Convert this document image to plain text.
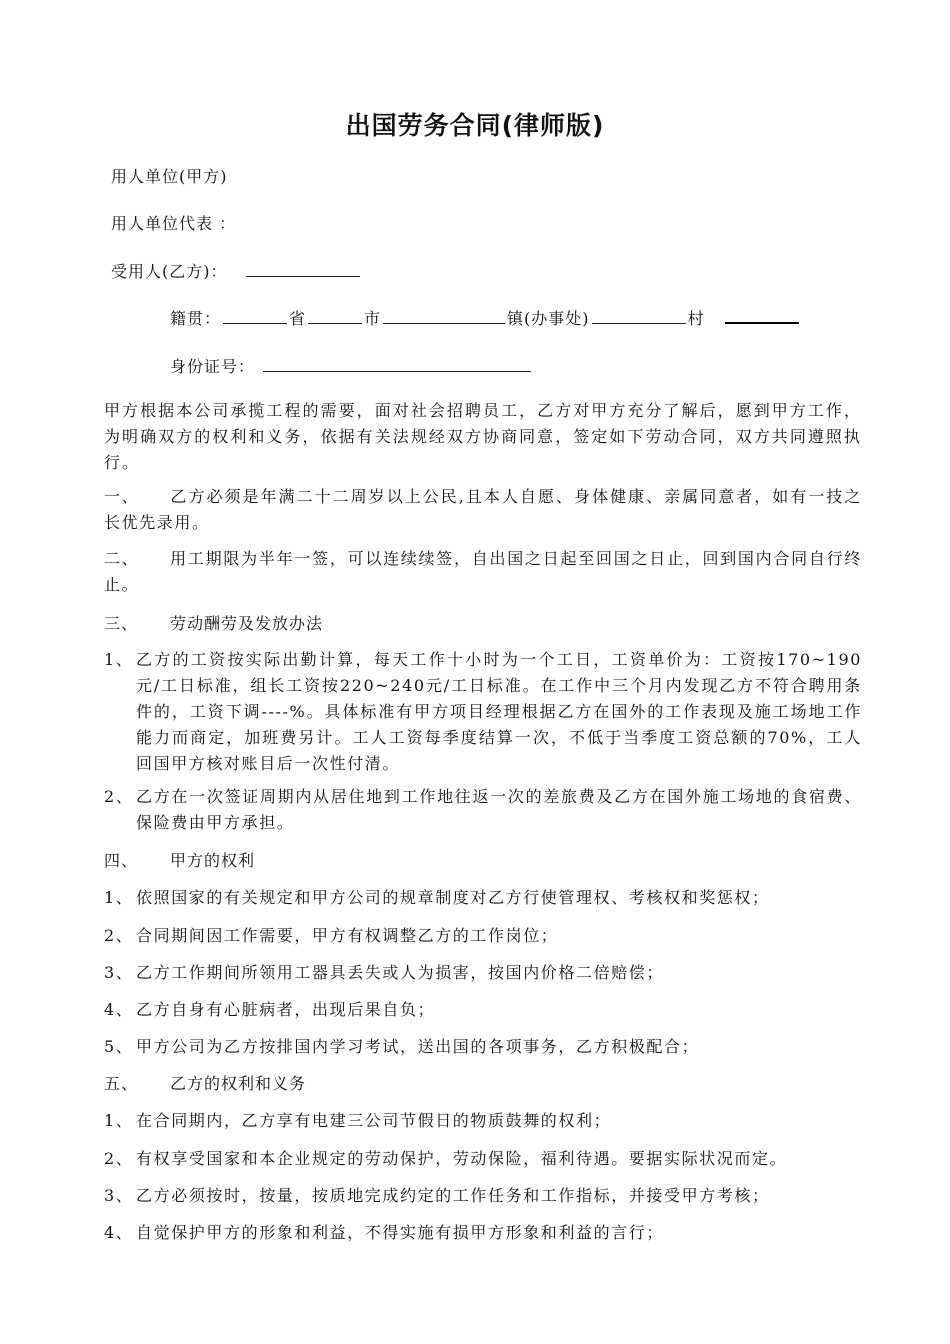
出国劳务合同(律师版)
用人单位(甲方)
用人单位代表 ：
受用人(乙方)：
籍贯：	省	市	镇(办事处)	村
身份证号：
甲方根据本公司承揽工程的需要，面对社会招聘员工，乙方对甲方充分了解后，愿到甲方工作，为明确双方的权利和义务，依据有关法规经双方协商同意，签定如下劳动合同，双方共同遵照执行。
一、 乙方必须是年满二十二周岁以上公民,且本人自愿、身体健康、亲属同意者，如有一技之长优先录用。
二、 用工期限为半年一签，可以连续续签，自出国之日起至回国之日止，回到国内合同自行终止。
三、 劳动酬劳及发放办法
1、 乙方的工资按实际出勤计算，每天工作十小时为一个工日，工资单价为：工资按170~190元/工日标准，组长工资按220~240元/工日标准。在工作中三个月内发现乙方不符合聘用条件的，工资下调----%。具体标准有甲方项目经理根据乙方在国外的工作表现及施工场地工作能力而商定，加班费另计。工人工资每季度结算一次，不低于当季度工资总额的70%，工人回国甲方核对账目后一次性付清。
2、 乙方在一次签证周期内从居住地到工作地往返一次的差旅费及乙方在国外施工场地的食宿费、保险费由甲方承担。
四、 甲方的权利
1、 依照国家的有关规定和甲方公司的规章制度对乙方行使管理权、考核权和奖惩权；
2、 合同期间因工作需要，甲方有权调整乙方的工作岗位；
3、 乙方工作期间所领用工器具丢失或人为损害，按国内价格二倍赔偿；
4、 乙方自身有心脏病者，出现后果自负；
5、 甲方公司为乙方按排国内学习考试，送出国的各项事务，乙方积极配合；
五、 乙方的权利和义务
1、 在合同期内，乙方享有电建三公司节假日的物质鼓舞的权利；
2、 有权享受国家和本企业规定的劳动保护，劳动保险，福利待遇。要据实际状况而定。
3、 乙方必须按时，按量，按质地完成约定的工作任务和工作指标，并接受甲方考核；
4、 自觉保护甲方的形象和利益，不得实施有损甲方形象和利益的言行；
